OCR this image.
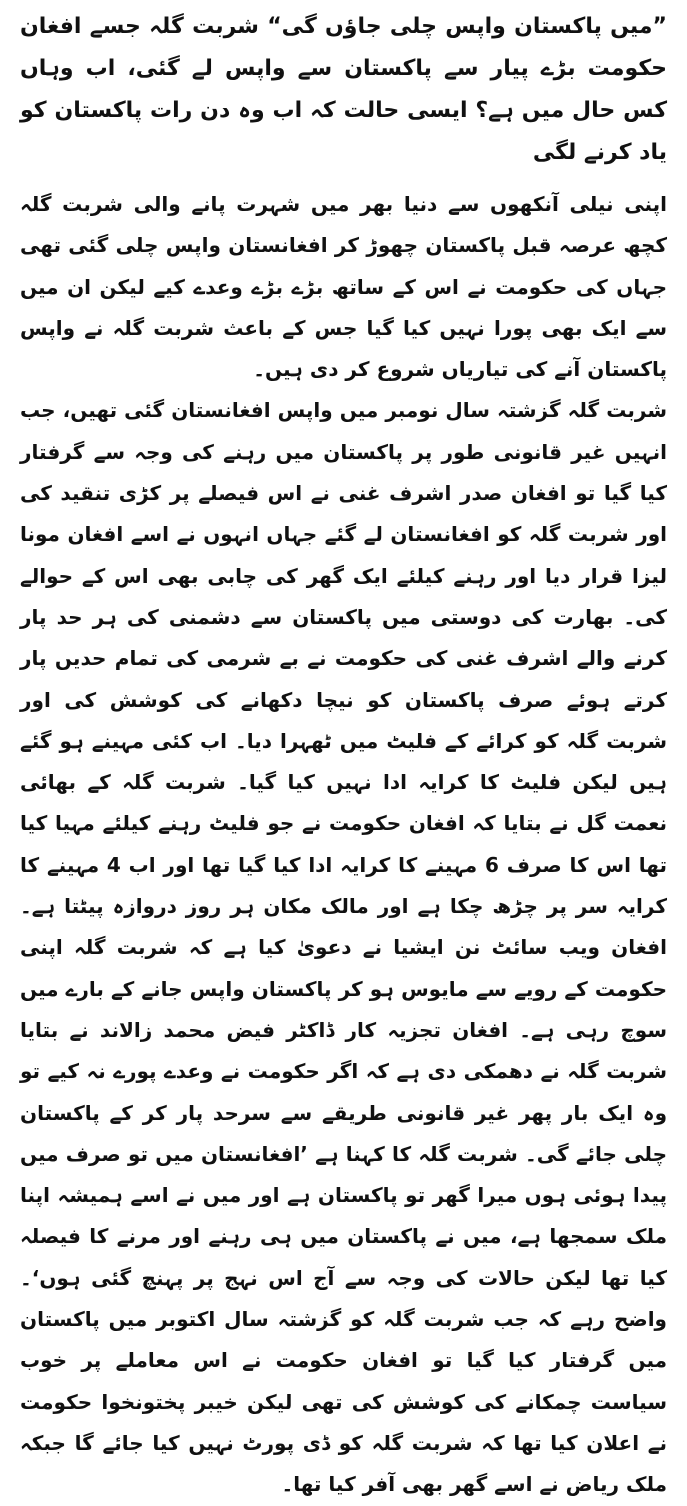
”میں پاکستان واپس چلی جاؤں گی“ شربت گلہ جسے افغان حکومت بڑے پیار سے پاکستان سے واپس لے گئی، اب وہاں کس حال میں ہے؟ ایسی حالت کہ اب وہ دن رات پاکستان کو یاد کرنے لگی

اپنی نیلی آنکھوں سے دنیا بھر میں شہرت پانے والی شربت گلہ کچھ عرصہ قبل پاکستان چھوڑ کر افغانستان واپس چلی گئی تھی جہاں کی حکومت نے اس کے ساتھ بڑے بڑے وعدے کیے لیکن ان میں سے ایک بھی پورا نہیں کیا گیا جس کے باعث شربت گلہ نے واپس پاکستان آنے کی تیاریاں شروع کر دی ہیں۔

شربت گلہ گزشتہ سال نومبر میں واپس افغانستان گئی تھیں، جب انہیں غیر قانونی طور پر پاکستان میں رہنے کی وجہ سے گرفتار کیا گیا تو افغان صدر اشرف غنی نے اس فیصلے پر کڑی تنقید کی اور شربت گلہ کو افغانستان لے گئے جہاں انہوں نے اسے افغان مونا لیزا قرار دیا اور رہنے کیلئے ایک گھر کی چابی بھی اس کے حوالے کی۔ بھارت کی دوستی میں پاکستان سے دشمنی کی ہر حد پار کرنے والے اشرف غنی کی حکومت نے بے شرمی کی تمام حدیں پار کرتے ہوئے صرف پاکستان کو نیچا دکھانے کی کوشش کی اور شربت گلہ کو کرائے کے فلیٹ میں ٹھہرا دیا۔ اب کئی مہینے ہو گئے ہیں لیکن فلیٹ کا کرایہ ادا نہیں کیا گیا۔ شربت گلہ کے بھائی نعمت گل نے بتایا کہ افغان حکومت نے جو فلیٹ رہنے کیلئے مہیا کیا تھا اس کا صرف 6 مہینے کا کرایہ ادا کیا گیا تھا اور اب 4 مہینے کا کرایہ سر پر چڑھ چکا ہے اور مالک مکان ہر روز دروازہ پیٹتا ہے۔ افغان ویب سائٹ نن ایشیا نے دعویٰ کیا ہے کہ شربت گلہ اپنی حکومت کے رویے سے مایوس ہو کر پاکستان واپس جانے کے بارے میں سوچ رہی ہے۔ افغان تجزیہ کار ڈاکٹر فیض محمد زالاند نے بتایا شربت گلہ نے دھمکی دی ہے کہ اگر حکومت نے وعدے پورے نہ کیے تو وہ ایک بار پھر غیر قانونی طریقے سے سرحد پار کر کے پاکستان چلی جائے گی۔ شربت گلہ کا کہنا ہے ’افغانستان میں تو صرف میں پیدا ہوئی ہوں میرا گھر تو پاکستان ہے اور میں نے اسے ہمیشہ اپنا ملک سمجھا ہے، میں نے پاکستان میں ہی رہنے اور مرنے کا فیصلہ کیا تھا لیکن حالات کی وجہ سے آج اس نہج پر پہنچ گئی ہوں‘۔ واضح رہے کہ جب شربت گلہ کو گزشتہ سال اکتوبر میں پاکستان میں گرفتار کیا گیا تو افغان حکومت نے اس معاملے پر خوب سیاست چمکانے کی کوشش کی تھی لیکن خیبر پختونخوا حکومت نے اعلان کیا تھا کہ شربت گلہ کو ڈی پورٹ نہیں کیا جائے گا جبکہ ملک ریاض نے اسے گھر بھی آفر کیا تھا۔
